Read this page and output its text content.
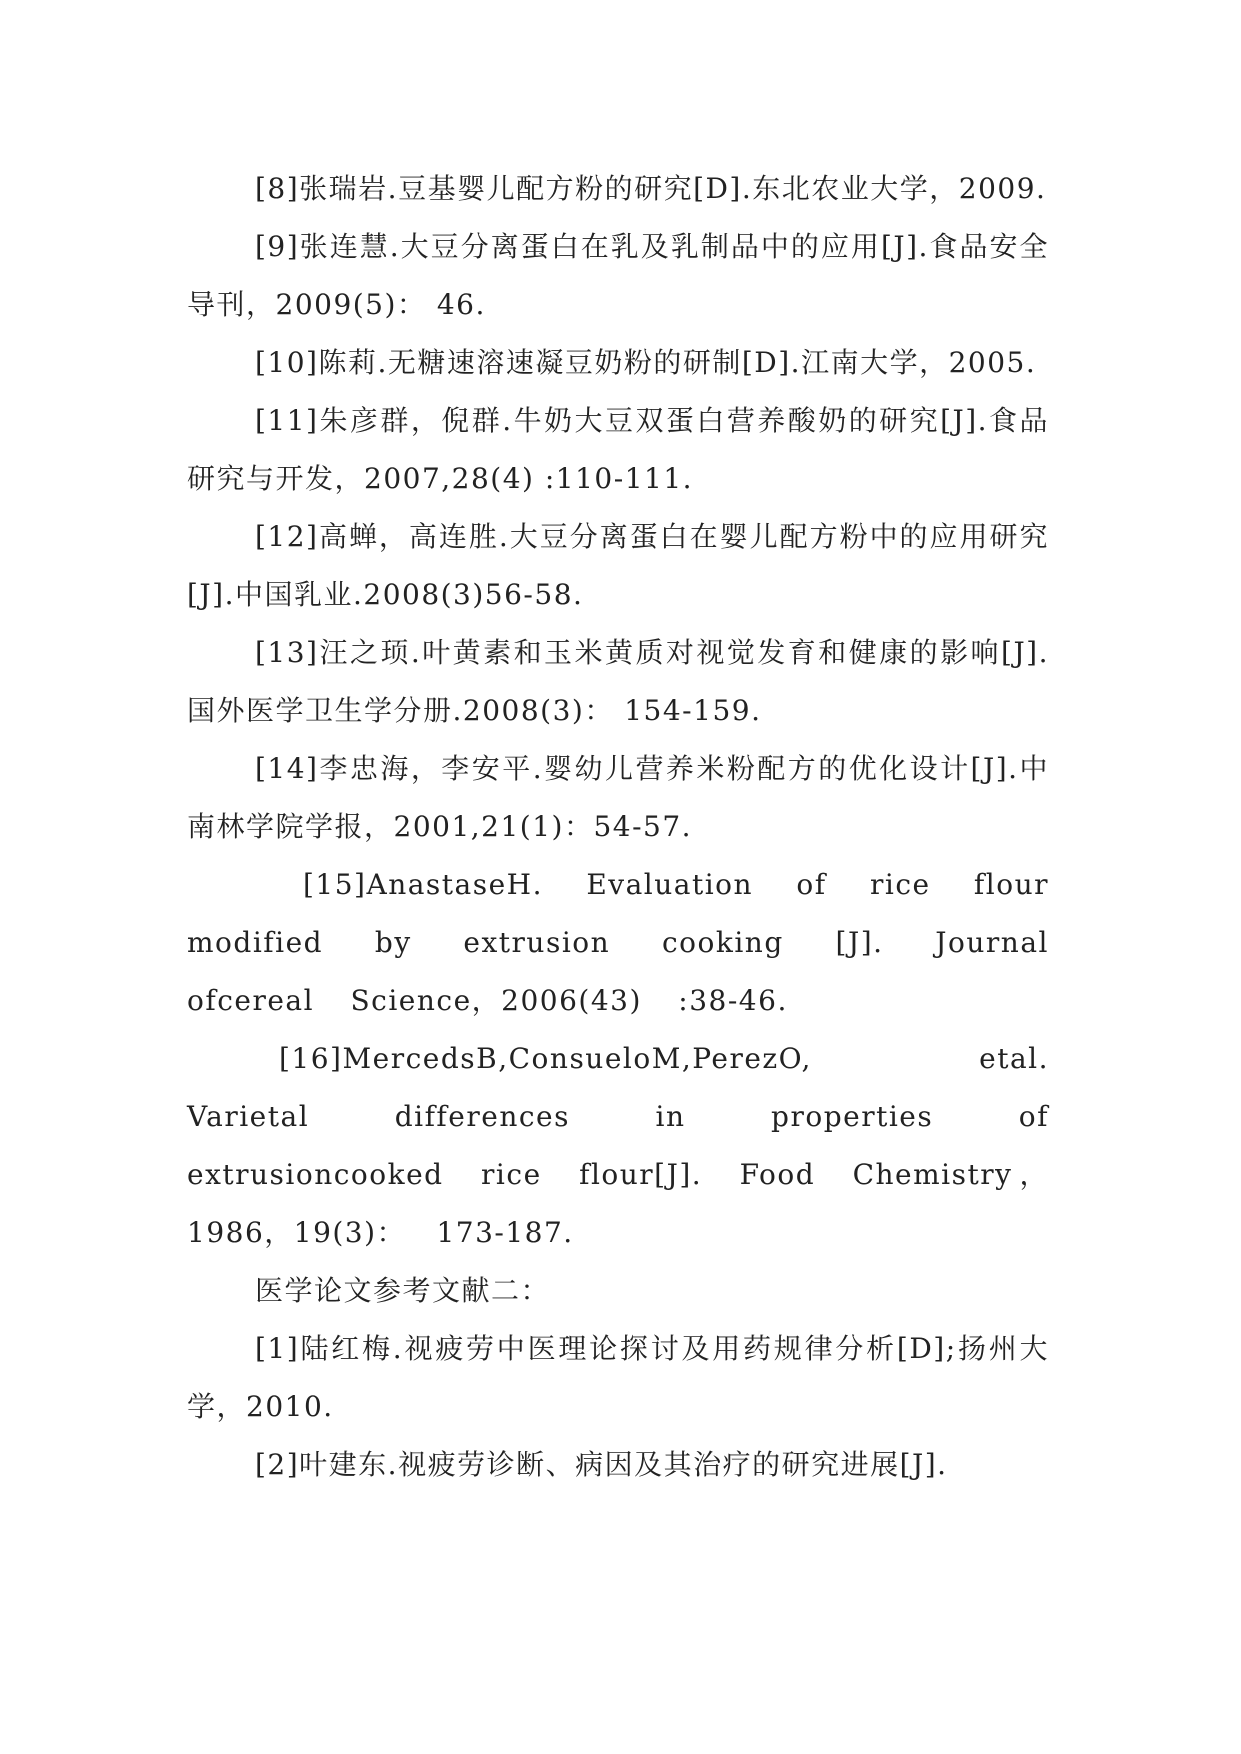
[8]张瑞岩.豆基婴儿配方粉的研究[D].东北农业大学，2009.

[9]张连慧.大豆分离蛋白在乳及乳制品中的应用[J].食品安全导刊，2009(5)： 46.

[10]陈莉.无糖速溶速凝豆奶粉的研制[D].江南大学，2005.

[11]朱彦群，倪群.牛奶大豆双蛋白营养酸奶的研究[J].食品研究与开发，2007,28(4) :110-111.

[12]高蝉，高连胜.大豆分离蛋白在婴儿配方粉中的应用研究[J].中国乳业.2008(3)56-58.

[13]汪之顼.叶黄素和玉米黄质对视觉发育和健康的影响[J].国外医学卫生学分册.2008(3)： 154-159.

[14]李忠海，李安平.婴幼儿营养米粉配方的优化设计[J].中南林学院学报，2001,21(1)：54-57.

[15]AnastaseH. Evaluation of rice flour modified by extrusion cooking [J]. Journal ofcereal Science，2006(43) :38-46.

[16]MercedsB,ConsueloM,PerezO, etal. Varietal differences in properties of extrusioncooked rice flour[J]. Food Chemistry，1986，19(3)： 173-187.

医学论文参考文献二：

[1]陆红梅.视疲劳中医理论探讨及用药规律分析[D];扬州大学，2010.

[2]叶建东.视疲劳诊断、病因及其治疗的研究进展[J].
